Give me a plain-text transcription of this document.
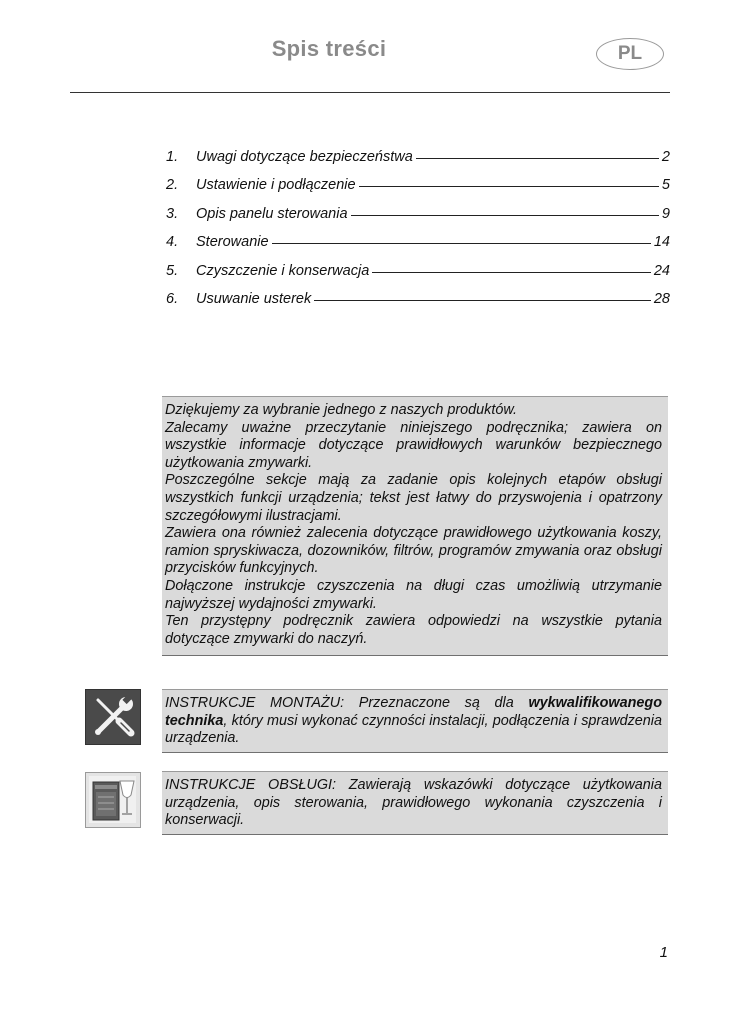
Spis treści	PL
1.	Uwagi dotyczące bezpieczeństwa	2
2.	Ustawienie i podłączenie	5
3.	Opis panelu sterowania	9
4.	Sterowanie	14
5.	Czyszczenie i konserwacja	24
6.	Usuwanie usterek	28

Dziękujemy za wybranie jednego z naszych produktów.

Zalecamy uważne przeczytanie niniejszego podręcznika; zawiera on wszystkie informacje dotyczące prawidłowych warunków bezpiecznego użytkowania zmywarki.

Poszczególne sekcje mają za zadanie opis kolejnych etapów obsługi wszystkich funkcji urządzenia; tekst jest łatwy do przyswojenia i opatrzony szczegółowymi ilustracjami.

Zawiera ona również zalecenia dotyczące prawidłowego użytkowania koszy, ramion spryskiwacza, dozowników, filtrów, programów zmywania oraz obsługi przycisków funkcyjnych.

Dołączone instrukcje czyszczenia na długi czas umożliwią utrzymanie najwyższej wydajności zmywarki.

Ten przystępny podręcznik zawiera odpowiedzi na wszystkie pytania dotyczące zmywarki do naczyń.

INSTRUKCJE MONTAŻU: Przeznaczone są dla wykwalifikowanego technika, który musi wykonać czynności instalacji, podłączenia i sprawdzenia urządzenia.
INSTRUKCJE OBSŁUGI: Zawierają wskazówki dotyczące użytkowania urządzenia, opis sterowania, prawidłowego wykonania czyszczenia i konserwacji.
1
